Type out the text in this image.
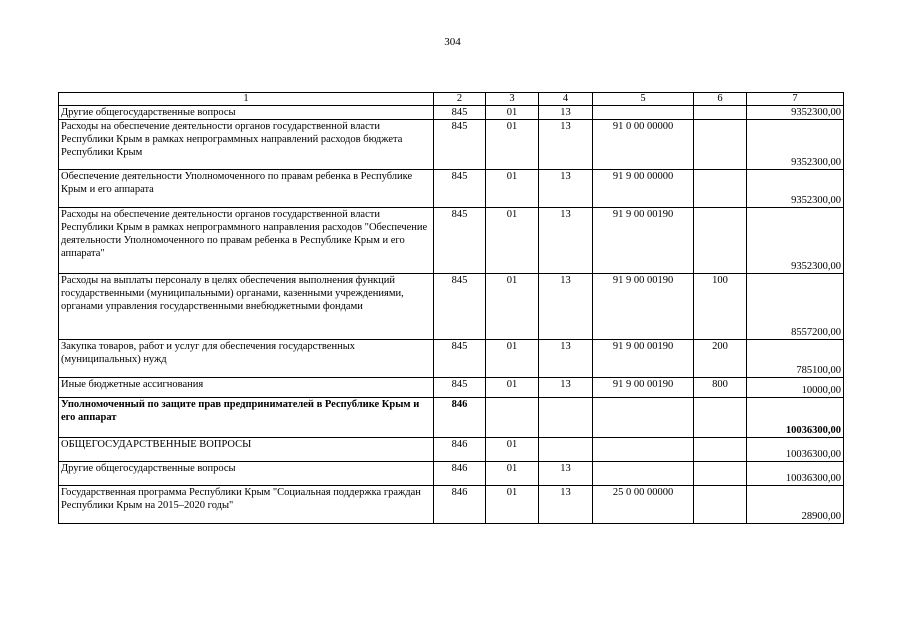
304
1	2	3	4	5	6	7
Другие общегосударственные вопросы	845	01	13			9352300,00
Расходы на обеспечение деятельности органов государственной власти Республики Крым в рамках непрограммных направлений расходов бюджета Республики Крым	845	01	13	91 0 00 00000		9352300,00
Обеспечение деятельности Уполномоченного по правам ребенка в Республике Крым и его аппарата	845	01	13	91 9 00 00000		9352300,00
Расходы на обеспечение деятельности органов государственной власти Республики Крым в рамках непрограммного направления расходов "Обеспечение деятельности Уполномоченного по правам ребенка в Республике Крым и его аппарата"	845	01	13	91 9 00 00190		9352300,00
Расходы на выплаты персоналу в целях обеспечения выполнения функций государственными (муниципальными) органами, казенными учреждениями, органами управления государственными внебюджетными фондами	845	01	13	91 9 00 00190	100	8557200,00
Закупка товаров, работ и услуг для обеспечения государственных (муниципальных) нужд	845	01	13	91 9 00 00190	200	785100,00
Иные бюджетные ассигнования	845	01	13	91 9 00 00190	800	10000,00
Уполномоченный по защите прав предпринимателей в Республике Крым и его аппарат	846					10036300,00
ОБЩЕГОСУДАРСТВЕННЫЕ ВОПРОСЫ	846	01				10036300,00
Другие общегосударственные вопросы	846	01	13			10036300,00
Государственная программа Республики Крым "Социальная поддержка граждан Республики Крым на 2015–2020 годы"	846	01	13	25 0 00 00000		28900,00
